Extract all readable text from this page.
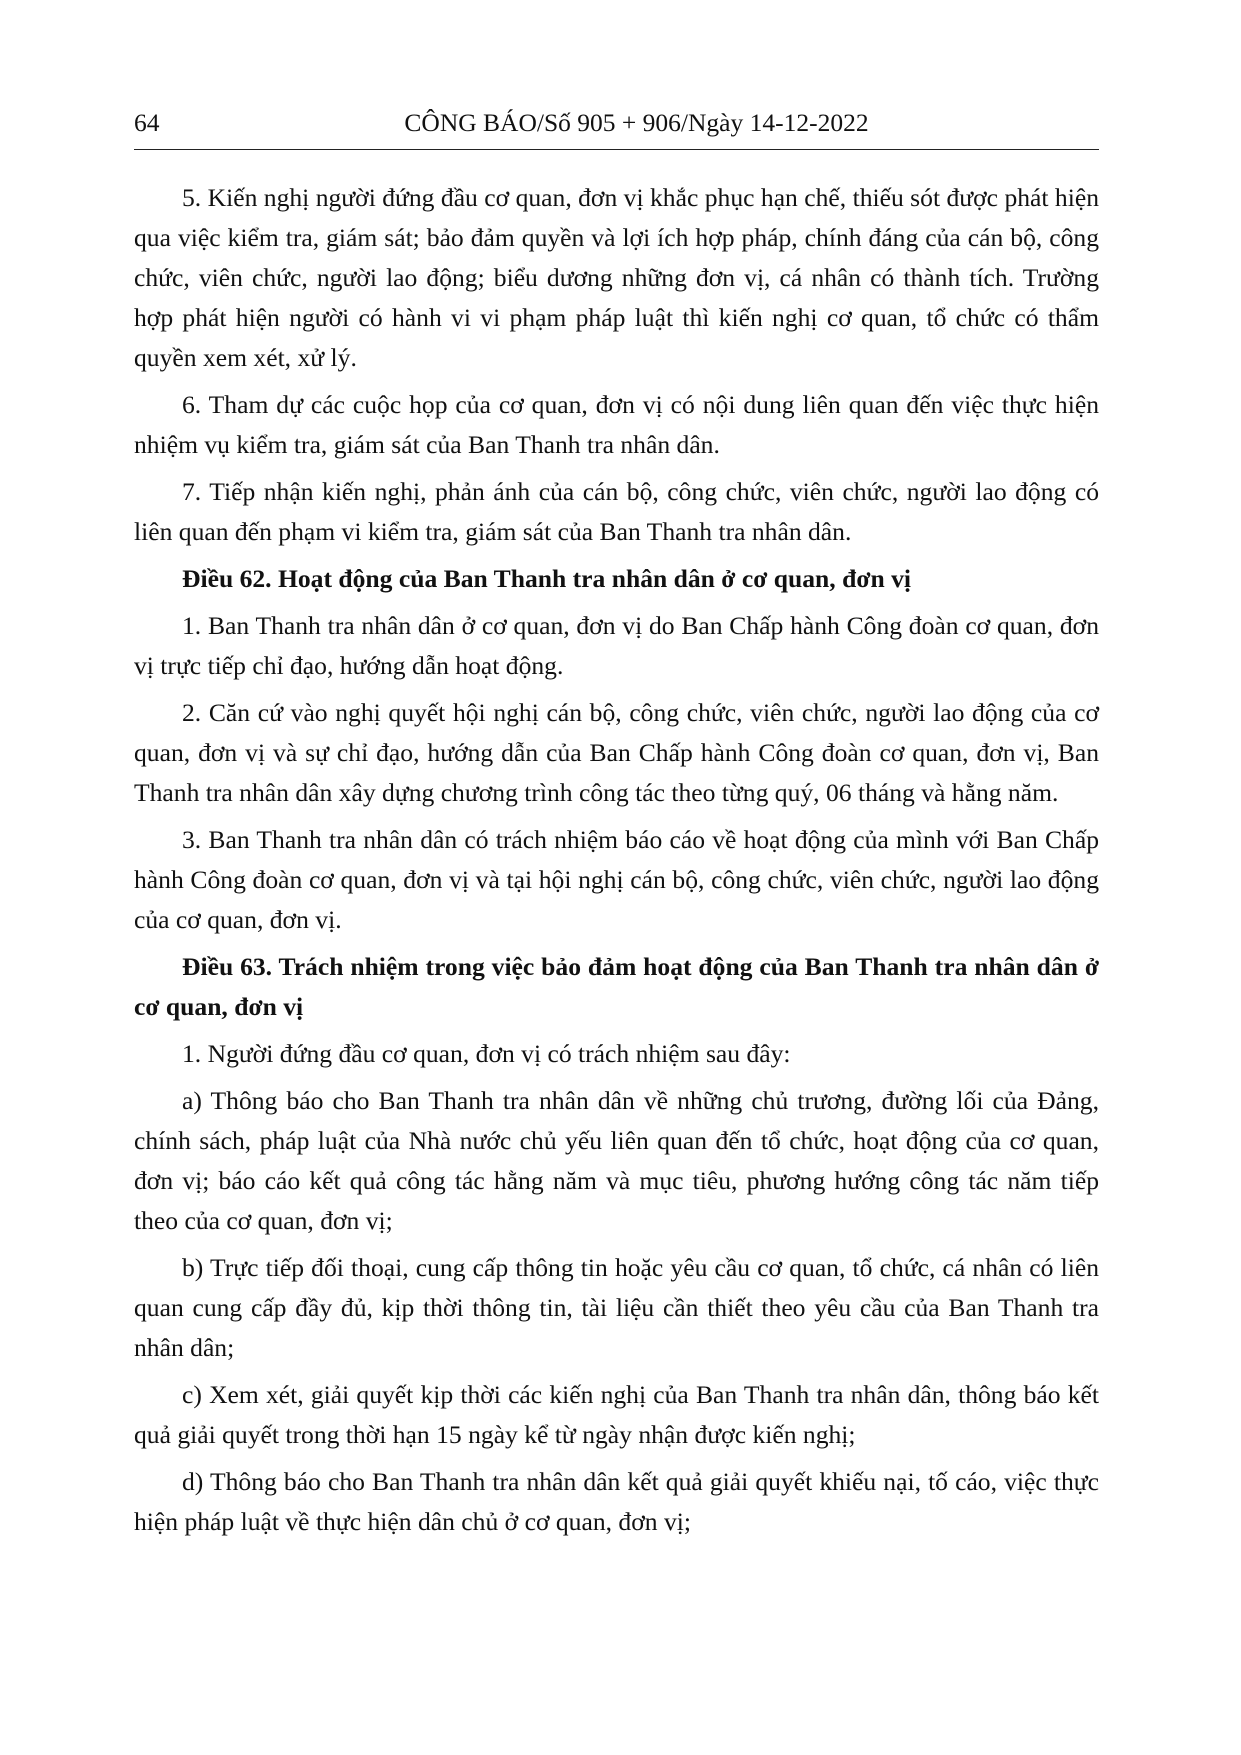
64	CÔNG BÁO/Số 905 + 906/Ngày 14-12-2022

5. Kiến nghị người đứng đầu cơ quan, đơn vị khắc phục hạn chế, thiếu sót được phát hiện qua việc kiểm tra, giám sát; bảo đảm quyền và lợi ích hợp pháp, chính đáng của cán bộ, công chức, viên chức, người lao động; biểu dương những đơn vị, cá nhân có thành tích. Trường hợp phát hiện người có hành vi vi phạm pháp luật thì kiến nghị cơ quan, tổ chức có thẩm quyền xem xét, xử lý.

6. Tham dự các cuộc họp của cơ quan, đơn vị có nội dung liên quan đến việc thực hiện nhiệm vụ kiểm tra, giám sát của Ban Thanh tra nhân dân.

7. Tiếp nhận kiến nghị, phản ánh của cán bộ, công chức, viên chức, người lao động có liên quan đến phạm vi kiểm tra, giám sát của Ban Thanh tra nhân dân.

Điều 62. Hoạt động của Ban Thanh tra nhân dân ở cơ quan, đơn vị

1. Ban Thanh tra nhân dân ở cơ quan, đơn vị do Ban Chấp hành Công đoàn cơ quan, đơn vị trực tiếp chỉ đạo, hướng dẫn hoạt động.

2. Căn cứ vào nghị quyết hội nghị cán bộ, công chức, viên chức, người lao động của cơ quan, đơn vị và sự chỉ đạo, hướng dẫn của Ban Chấp hành Công đoàn cơ quan, đơn vị, Ban Thanh tra nhân dân xây dựng chương trình công tác theo từng quý, 06 tháng và hằng năm.

3. Ban Thanh tra nhân dân có trách nhiệm báo cáo về hoạt động của mình với Ban Chấp hành Công đoàn cơ quan, đơn vị và tại hội nghị cán bộ, công chức, viên chức, người lao động của cơ quan, đơn vị.

Điều 63. Trách nhiệm trong việc bảo đảm hoạt động của Ban Thanh tra nhân dân ở cơ quan, đơn vị

1. Người đứng đầu cơ quan, đơn vị có trách nhiệm sau đây:

a) Thông báo cho Ban Thanh tra nhân dân về những chủ trương, đường lối của Đảng, chính sách, pháp luật của Nhà nước chủ yếu liên quan đến tổ chức, hoạt động của cơ quan, đơn vị; báo cáo kết quả công tác hằng năm và mục tiêu, phương hướng công tác năm tiếp theo của cơ quan, đơn vị;

b) Trực tiếp đối thoại, cung cấp thông tin hoặc yêu cầu cơ quan, tổ chức, cá nhân có liên quan cung cấp đầy đủ, kịp thời thông tin, tài liệu cần thiết theo yêu cầu của Ban Thanh tra nhân dân;

c) Xem xét, giải quyết kịp thời các kiến nghị của Ban Thanh tra nhân dân, thông báo kết quả giải quyết trong thời hạn 15 ngày kể từ ngày nhận được kiến nghị;

d) Thông báo cho Ban Thanh tra nhân dân kết quả giải quyết khiếu nại, tố cáo, việc thực hiện pháp luật về thực hiện dân chủ ở cơ quan, đơn vị;
